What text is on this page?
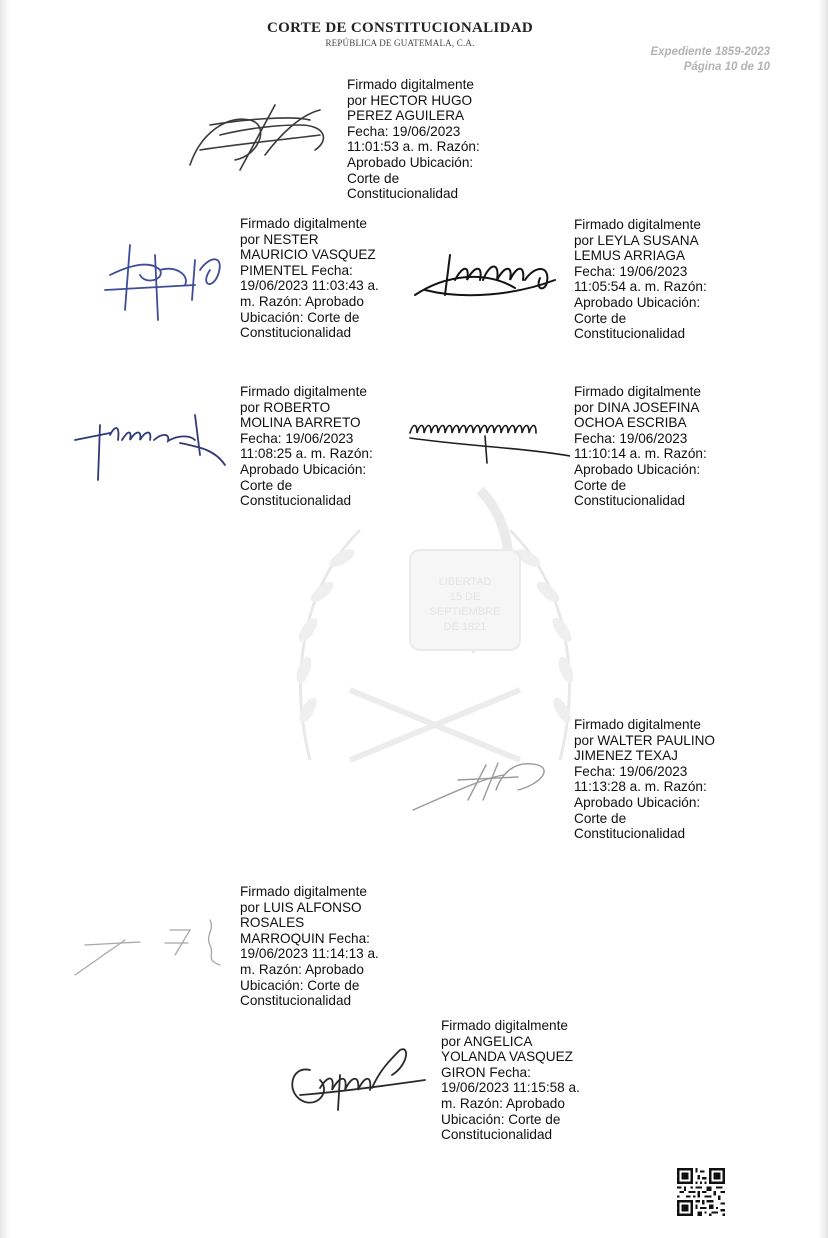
CORTE DE CONSTITUCIONALIDAD
REPÚBLICA DE GUATEMALA, C.A.
Expediente 1859-2023
Página 10 de 10
LIBERTAD
15 DE
SEPTIEMBRE
DE 1821
Firmado digitalmente
por HECTOR HUGO
PEREZ AGUILERA
Fecha: 19/06/2023
11:01:53 a. m. Razón:
Aprobado Ubicación:
Corte de
Constitucionalidad
Firmado digitalmente
por NESTER
MAURICIO VASQUEZ
PIMENTEL Fecha:
19/06/2023 11:03:43 a.
m. Razón: Aprobado
Ubicación: Corte de
Constitucionalidad
Firmado digitalmente
por LEYLA SUSANA
LEMUS ARRIAGA
Fecha: 19/06/2023
11:05:54 a. m. Razón:
Aprobado Ubicación:
Corte de
Constitucionalidad
Firmado digitalmente
por ROBERTO
MOLINA BARRETO
Fecha: 19/06/2023
11:08:25 a. m. Razón:
Aprobado Ubicación:
Corte de
Constitucionalidad
Firmado digitalmente
por DINA JOSEFINA
OCHOA ESCRIBA
Fecha: 19/06/2023
11:10:14 a. m. Razón:
Aprobado Ubicación:
Corte de
Constitucionalidad
Firmado digitalmente
por WALTER PAULINO
JIMENEZ TEXAJ
Fecha: 19/06/2023
11:13:28 a. m. Razón:
Aprobado Ubicación:
Corte de
Constitucionalidad
Firmado digitalmente
por LUIS ALFONSO
ROSALES
MARROQUIN Fecha:
19/06/2023 11:14:13 a.
m. Razón: Aprobado
Ubicación: Corte de
Constitucionalidad
Firmado digitalmente
por ANGELICA
YOLANDA VASQUEZ
GIRON Fecha:
19/06/2023 11:15:58 a.
m. Razón: Aprobado
Ubicación: Corte de
Constitucionalidad
